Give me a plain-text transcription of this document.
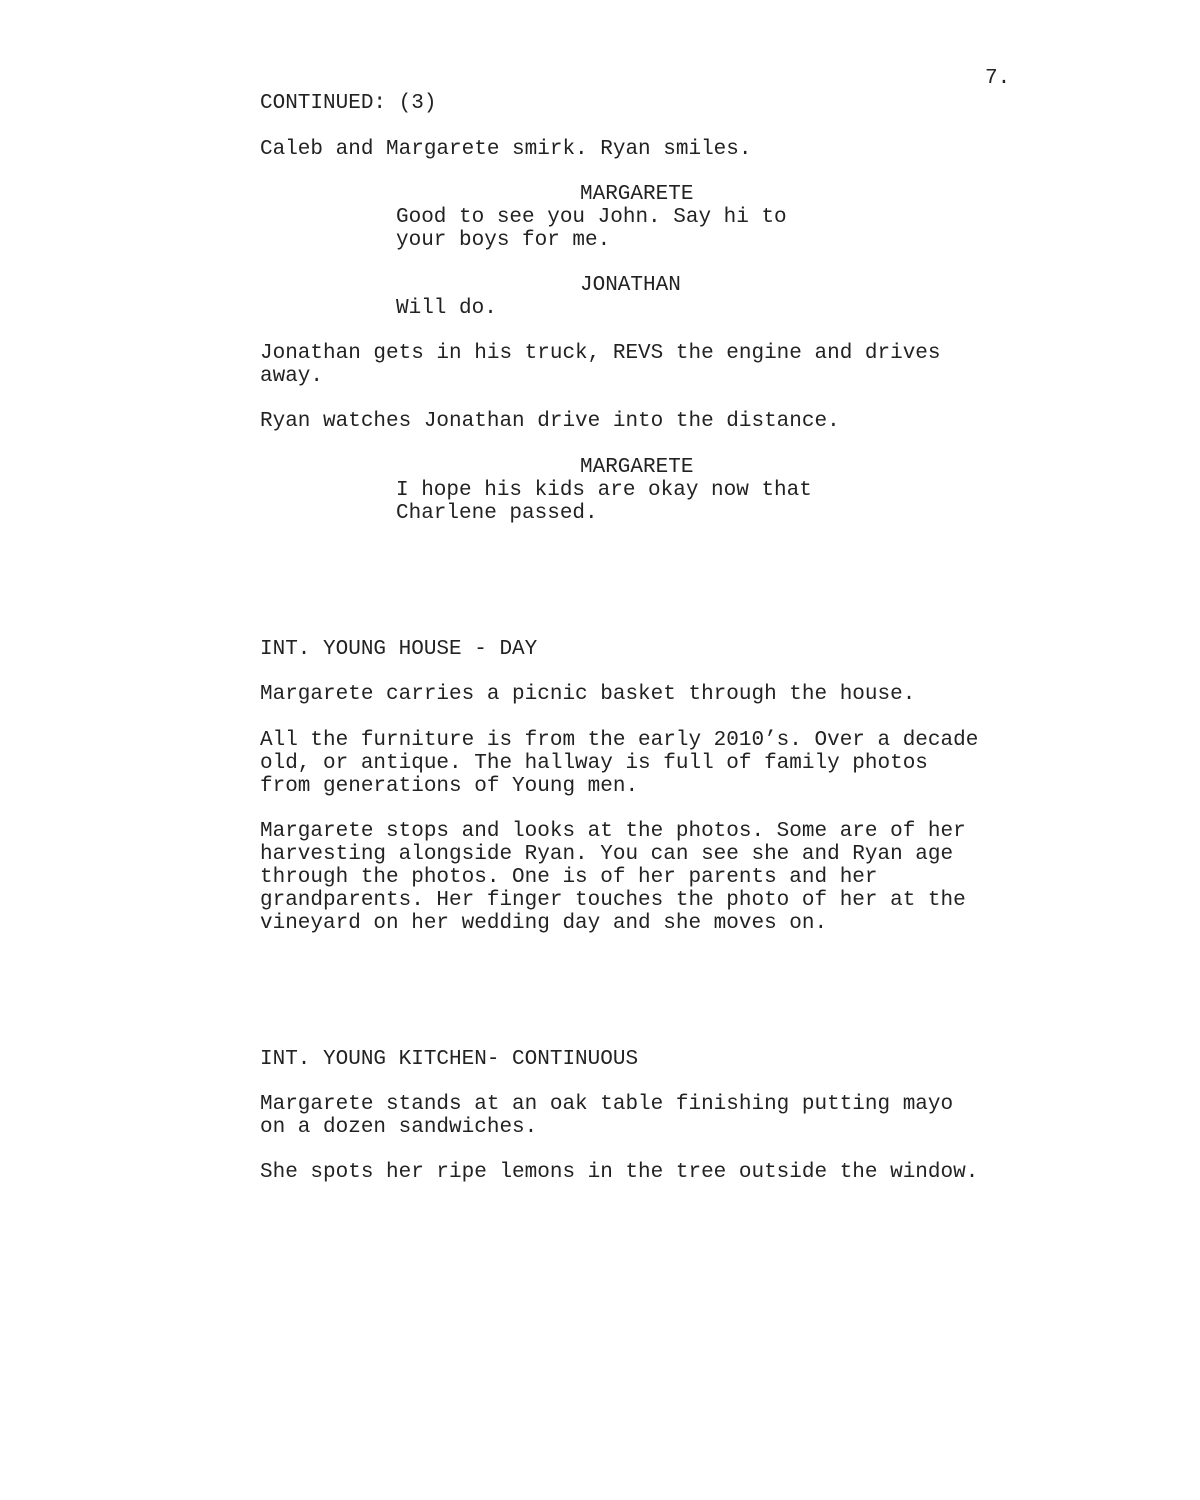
7.
CONTINUED: (3)
Caleb and Margarete smirk. Ryan smiles.
MARGARETE
Good to see you John. Say hi to
your boys for me.
JONATHAN
Will do.
Jonathan gets in his truck, REVS the engine and drives
away.
Ryan watches Jonathan drive into the distance.
MARGARETE
I hope his kids are okay now that
Charlene passed.
INT. YOUNG HOUSE - DAY
Margarete carries a picnic basket through the house.
All the furniture is from the early 2010’s. Over a decade
old, or antique. The hallway is full of family photos
from generations of Young men.
Margarete stops and looks at the photos. Some are of her
harvesting alongside Ryan. You can see she and Ryan age
through the photos. One is of her parents and her
grandparents. Her finger touches the photo of her at the
vineyard on her wedding day and she moves on.
INT. YOUNG KITCHEN- CONTINUOUS
Margarete stands at an oak table finishing putting mayo
on a dozen sandwiches.
She spots her ripe lemons in the tree outside the window.
